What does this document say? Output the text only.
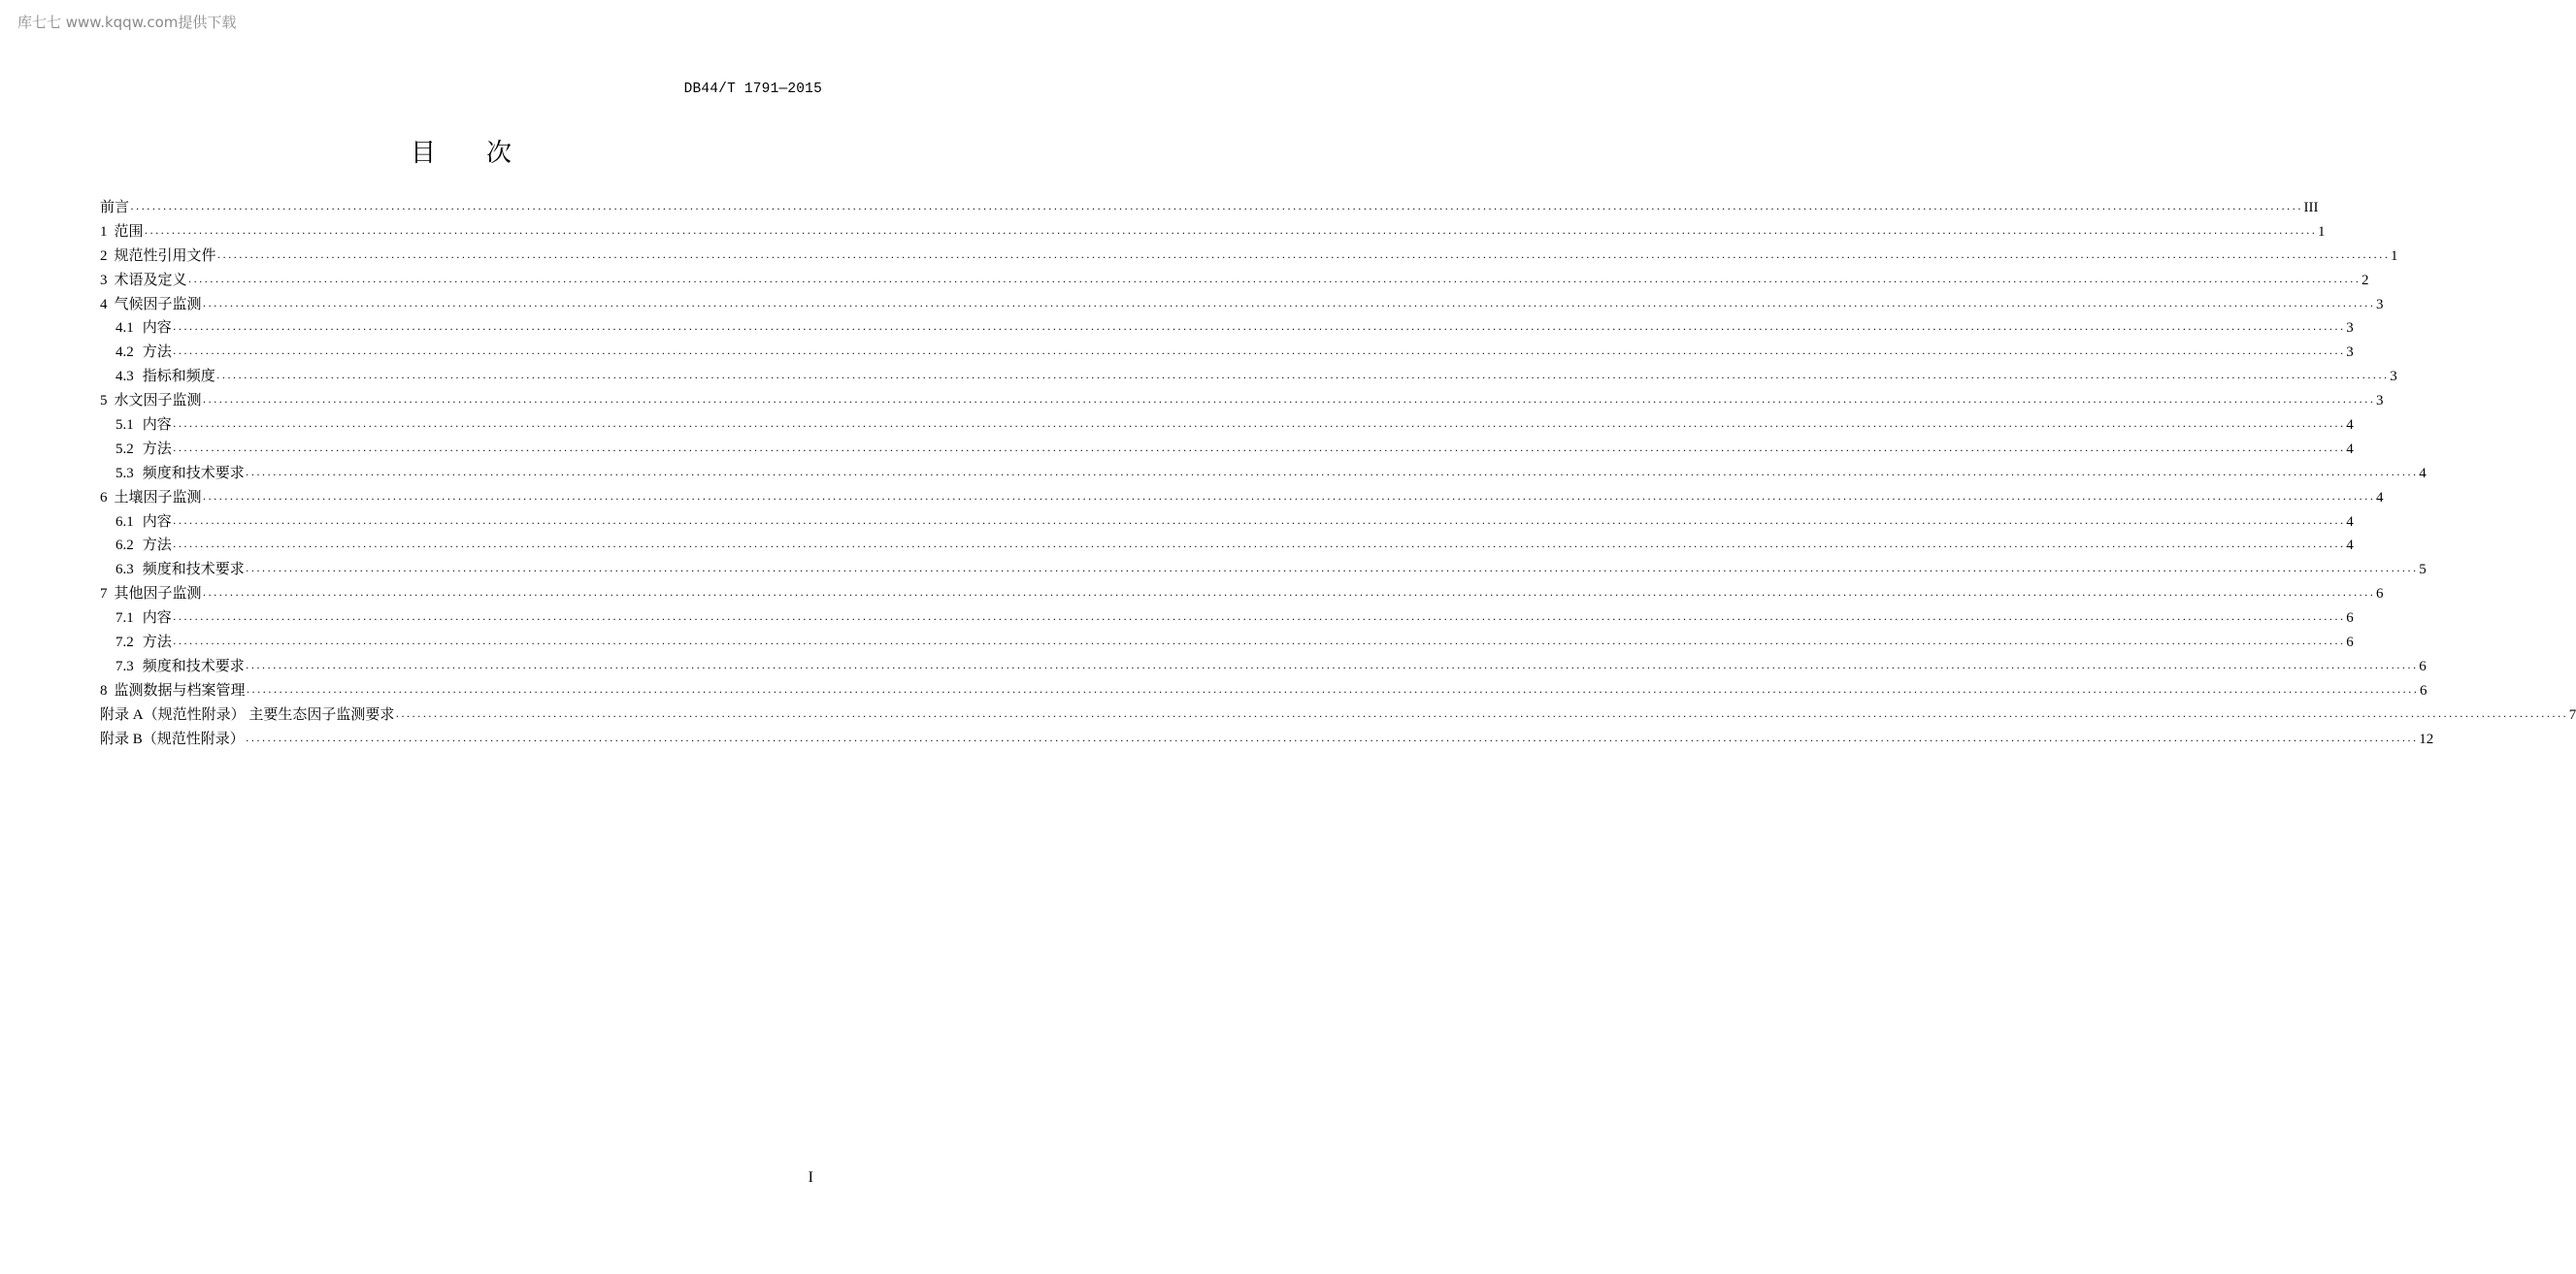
库七七 www.kqqw.com提供下载
DB44/T 1791—2015
目　　次
前言 ················································································································································································································································································································································································································ III
1 范围 ················································································································································································································································································································································································································ 1
2 规范性引用文件 ················································································································································································································································································································································································································ 1
3 术语及定义 ················································································································································································································································································································································································································ 2
4 气候因子监测 ················································································································································································································································································································································································································ 3
4.1 内容 ················································································································································································································································································································································································································ 3
4.2 方法 ················································································································································································································································································································································································································ 3
4.3 指标和频度 ················································································································································································································································································································································································································ 3
5 水文因子监测 ················································································································································································································································································································································································································ 3
5.1 内容 ················································································································································································································································································································································································································ 4
5.2 方法 ················································································································································································································································································································································································································ 4
5.3 频度和技术要求 ················································································································································································································································································································································································································ 4
6 土壤因子监测 ················································································································································································································································································································································································································ 4
6.1 内容 ················································································································································································································································································································································································································ 4
6.2 方法 ················································································································································································································································································································································································································ 4
6.3 频度和技术要求 ················································································································································································································································································································································································································ 5
7 其他因子监测 ················································································································································································································································································································································································································ 6
7.1 内容 ················································································································································································································································································································································································································ 6
7.2 方法 ················································································································································································································································································································································································································ 6
7.3 频度和技术要求 ················································································································································································································································································································································································································ 6
8 监测数据与档案管理 ················································································································································································································································································································································································································ 6
附录 A（规范性附录） 主要生态因子监测要求 ················································································································································································································································································································································································································ 7
附录 B（规范性附录） ················································································································································································································································································································································································································ 12
I
